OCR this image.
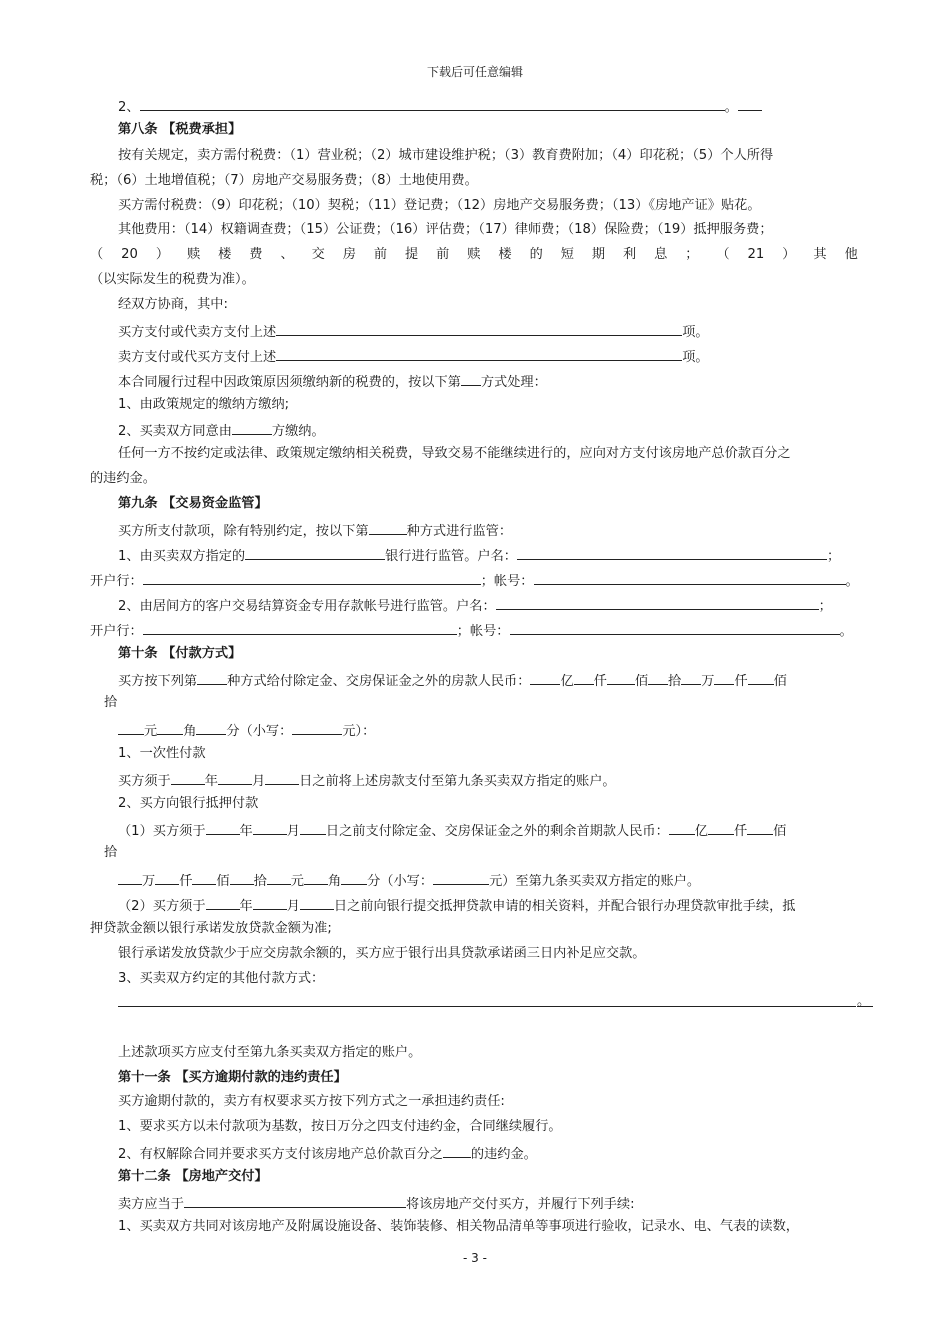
下载后可任意编辑
2、	。
第八条 【税费承担】
按有关规定，卖方需付税费：（1）营业税；（2）城市建设维护税；（3）教育费附加；（4）印花税；（5）个人所得
税；（6）土地增值税；（7）房地产交易服务费；（8）土地使用费。
买方需付税费：（9）印花税；（10）契税；（11）登记费；（12）房地产交易服务费；（13）《房地产证》贴花。
其他费用：（14）权籍调查费；（15）公证费；（16）评估费；（17）律师费；（18）保险费；（19）抵押服务费；
（ 20 ） 赎 楼 费 、 交 房 前 提 前 赎 楼 的 短 期 利 息 ； （ 21 ） 其 他
（以实际发生的税费为准）。
经双方协商，其中:
买方支付或代卖方支付上述	项。
卖方支付或代买方支付上述	项。
本合同履行过程中因政策原因须缴纳新的税费的，按以下第 方式处理：
1、由政策规定的缴纳方缴纳;
2、买卖双方同意由	方缴纳。
任何一方不按约定或法律、政策规定缴纳相关税费，导致交易不能继续进行的，应向对方支付该房地产总价款百分之
的违约金。
第九条 【交易资金监管】
买方所支付款项，除有特别约定，按以下第	种方式进行监管：
1、由买卖双方指定的	银行进行监管。户名：	；
开户行：	；帐号：	。
2、由居间方的客户交易结算资金专用存款帐号进行监管。户名：	；
开户行：	；帐号：	。
第十条 【付款方式】
买方按下列第 种方式给付除定金、交房保证金之外的房款人民币： 亿 仟 佰 拾 万 仟 佰
拾
元 角 分（小写：	元）：
1、一次性付款
买方须于	年	月	日之前将上述房款支付至第九条买卖双方指定的账户。
2、买方向银行抵押付款
（1）买方须于	年	月 日之前支付除定金、交房保证金之外的剩余首期款人民币： 亿 仟 佰
拾
万 仟 佰 拾 元 角 分（小写：	元）至第九条买卖双方指定的账户。
（2）买方须于	年	月	日之前向银行提交抵押贷款申请的相关资料，并配合银行办理贷款审批手续，抵
押贷款金额以银行承诺发放贷款金额为准;
银行承诺发放贷款少于应交房款余额的，买方应于银行出具贷款承诺函三日内补足应交款。
3、买卖双方约定的其他付款方式：
。
上述款项买方应支付至第九条买卖双方指定的账户。
第十一条 【买方逾期付款的违约责任】
买方逾期付款的，卖方有权要求买方按下列方式之一承担违约责任:
1、要求买方以未付款项为基数，按日万分之四支付违约金，合同继续履行。
2、有权解除合同并要求买方支付该房地产总价款百分之 的违约金。
第十二条 【房地产交付】
卖方应当于	将该房地产交付买方，并履行下列手续:
1、买卖双方共同对该房地产及附属设施设备、装饰装修、相关物品清单等事项进行验收，记录水、电、气表的读数，
- 3 -
